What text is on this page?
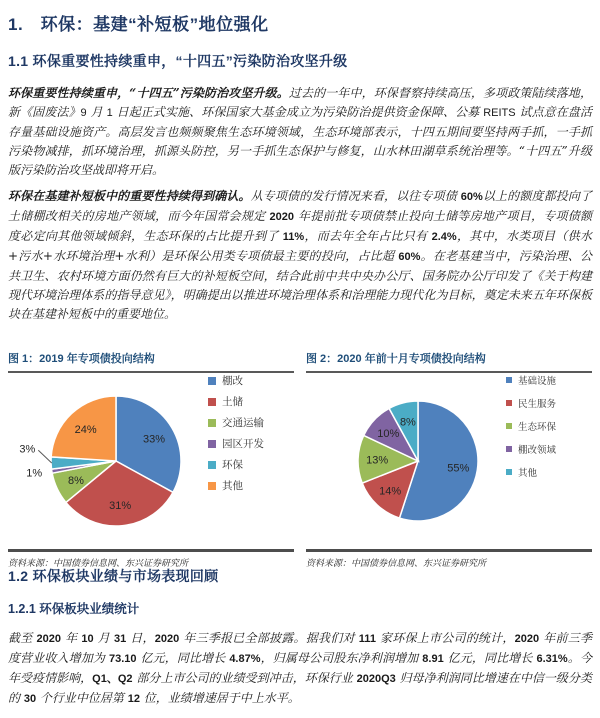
1. 环保：基建“补短板”地位强化
1.1 环保重要性持续重申，“十四五”污染防治攻坚升级

环保重要性持续重申，“十四五”污染防治攻坚升级。过去的一年中，环保督察持续高压，多项政策陆续落地，新《固废法》9 月 1 日起正式实施、环保国家大基金成立为污染防治提供资金保障、公募 REITS 试点意在盘活存量基础设施资产。高层发言也频频聚焦生态环境领域，生态环境部表示，十四五期间要坚持两手抓，一手抓污染物减排，抓环境治理，抓源头防控，另一手抓生态保护与修复，山水林田湖草系统治理等。“十四五”升级版污染防治攻坚战即将开启。

环保在基建补短板中的重要性持续得到确认。从专项债的发行情况来看，以往专项债 60%以上的额度都投向了土储棚改相关的房地产领域，而今年国常会规定 2020 年提前批专项债禁止投向土储等房地产项目，专项债额度必定向其他领域倾斜，生态环保的占比提升到了 11%，而去年全年占比只有 2.4%，其中，水类项目（供水+污水+水环境治理+水利）是环保公用类专项债最主要的投向，占比超 60%。在老基建当中，污染治理、公共卫生、农村环境方面仍然有巨大的补短板空间，结合此前中共中央办公厅、国务院办公厅印发了《关于构建现代环境治理体系的指导意见》，明确提出以推进环境治理体系和治理能力现代化为目标，奠定未来五年环保板块在基建补短板中的重要地位。

图 1：2019 年专项债投向结构
33%
31%
8%
1%
3%
24%
棚改
土储
交通运输
园区开发
环保
其他
资料来源：中国债券信息网、东兴证券研究所
图 2：2020 年前十月专项债投向结构
55%
14%
13%
10%
8%
基础设施
民生服务
生态环保
棚改领域
其他
资料来源：中国债券信息网、东兴证券研究所
1.2 环保板块业绩与市场表现回顾
1.2.1 环保板块业绩统计

截至 2020 年 10 月 31 日，2020 年三季报已全部披露。据我们对 111 家环保上市公司的统计，2020 年前三季度营业收入增加为 73.10 亿元，同比增长 4.87%，归属母公司股东净利润增加 8.91 亿元，同比增长 6.31%。今年受疫情影响，Q1、Q2 部分上市公司的业绩受到冲击，环保行业 2020Q3 归母净利润同比增速在中信一级分类的 30 个行业中位居第 12 位，业绩增速居于中上水平。
